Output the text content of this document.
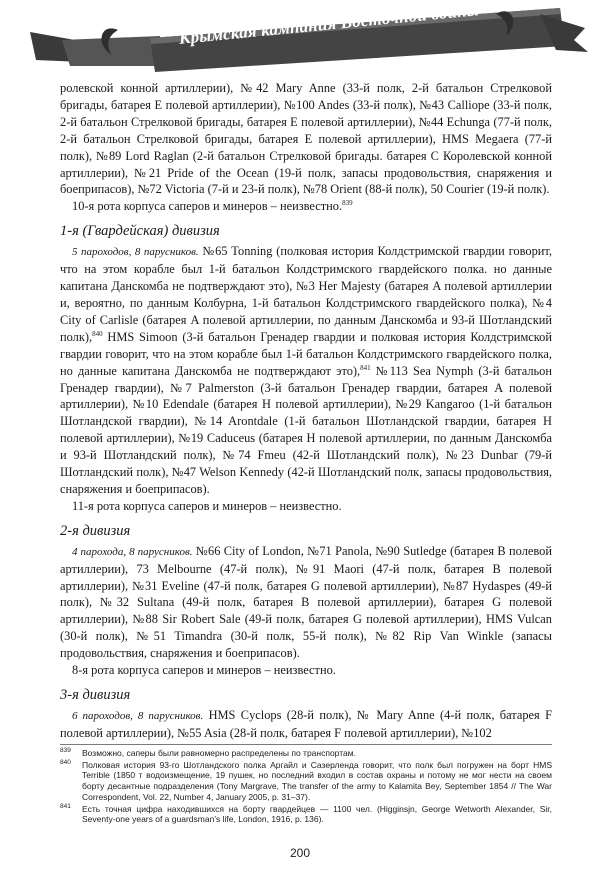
Крымская кампания Восточной войны

ролевской конной артиллерии), №42 Mary Anne (33-й полк, 2-й батальон Стрелковой бригады, батарея E полевой артиллерии), №100 Andes (33-й полк), №43 Calliope (33-й полк, 2-й батальон Стрелковой бригады, батарея E полевой артиллерии), №44 Echunga (77-й полк, 2-й батальон Стрелковой бригады, батарея E полевой артиллерии), HMS Megaera (77-й полк), №89 Lord Raglan (2-й батальон Стрелковой бригады. батарея C Королевской конной артиллерии), №21 Pride of the Ocean (19-й полк, запасы продовольствия, снаряжения и боеприпасов), №72 Victoria (7-й и 23-й полк), №78 Orient (88-й полк), 50 Courier (19-й полк).

10-я рота корпуса саперов и минеров – неизвестно.$^{839}$

1-я (Гвардейская) дивизия

5 пароходов, 8 парусников. №65 Tonning (полковая история Колдстримской гвардии говорит, что на этом корабле был 1-й батальон Колдстримского гвардейского полка. но данные капитана Данскомба не подтверждают это), №3 Her Majesty (батарея A полевой артиллерии и, вероятно, по данным Колбурна, 1-й батальон Колдстримского гвардейского полка), №4 City of Carlisle (батарея A полевой артиллерии, по данным Данскомба и 93-й Шотландский полк),$^{840}$ HMS Simoon (3-й батальон Гренадер гвардии и полковая история Колдстримской гвардии говорит, что на этом корабле был 1-й батальон Колдстримского гвардейского полка, но данные капитана Данскомба не подтверждают это),$^{841}$ №113 Sea Nymph (3-й батальон Гренадер гвардии), №7 Palmerston (3-й батальон Гренадер гвардии, батарея A полевой артиллерии), №10 Edendale (батарея H полевой артиллерии), №29 Kangaroo (1-й батальон Шотландской гвардии), №14 Arontdale (1-й батальон Шотландской гвардии, батарея H полевой артиллерии), №19 Caduceus (батарея H полевой артиллерии, по данным Данскомба и 93-й Шотландский полк), №74 Fmeu (42-й Шотландский полк), №23 Dunbar (79-й Шотландский полк), №47 Welson Kennedy (42-й Шотландский полк, запасы продовольствия, снаряжения и боеприпасов).

11-я рота корпуса саперов и минеров – неизвестно.

2-я дивизия

4 парохода, 8 парусников. №66 City of London, №71 Panola, №90 Sutledge (батарея B полевой артиллерии), 73 Melbourne (47-й полк), №91 Maori (47-й полк, батарея B полевой артиллерии), №31 Eveline (47-й полк, батарея G полевой артиллерии), №87 Hydaspes (49-й полк), №32 Sultana (49-й полк, батарея B полевой артиллерии), батарея G полевой артиллерии), №88 Sir Robert Sale (49-й полк, батарея G полевой артиллерии), HMS Vulcan (30-й полк), №51 Timandra (30-й полк, 55-й полк), №82 Rip Van Winkle (запасы продовольствия, снаряжения и боеприпасов).

8-я рота корпуса саперов и минеров – неизвестно.

3-я дивизия

6 пароходов, 8 парусников. HMS Cyclops (28-й полк), № Mary Anne (4-й полк, батарея F полевой артиллерии), №55 Asia (28-й полк, батарея F полевой артиллерии), №102

839 Возможно, саперы были равномерно распределены по транспортам.
840 Полковая история 93-го Шотландского полка Аргайл и Сазерленда говорит, что полк был погружен на борт HMS Terrible (1850 т водоизмещение, 19 пушек, но последний входил в состав охраны и потому не мог нести на своем борту десантные подразделения (Tony Margrave, The transfer of the army to Kalamita Bey, September 1854 // The War Correspondent, Vol. 22, Number 4, January 2005, p. 31–37).
841 Есть точная цифра находившихся на борту гвардейцев — 1100 чел. (Higginsjn, George Wetworth Alexander, Sir, Seventy-one years of a guardsman’s life, London, 1916, p. 136).
200
